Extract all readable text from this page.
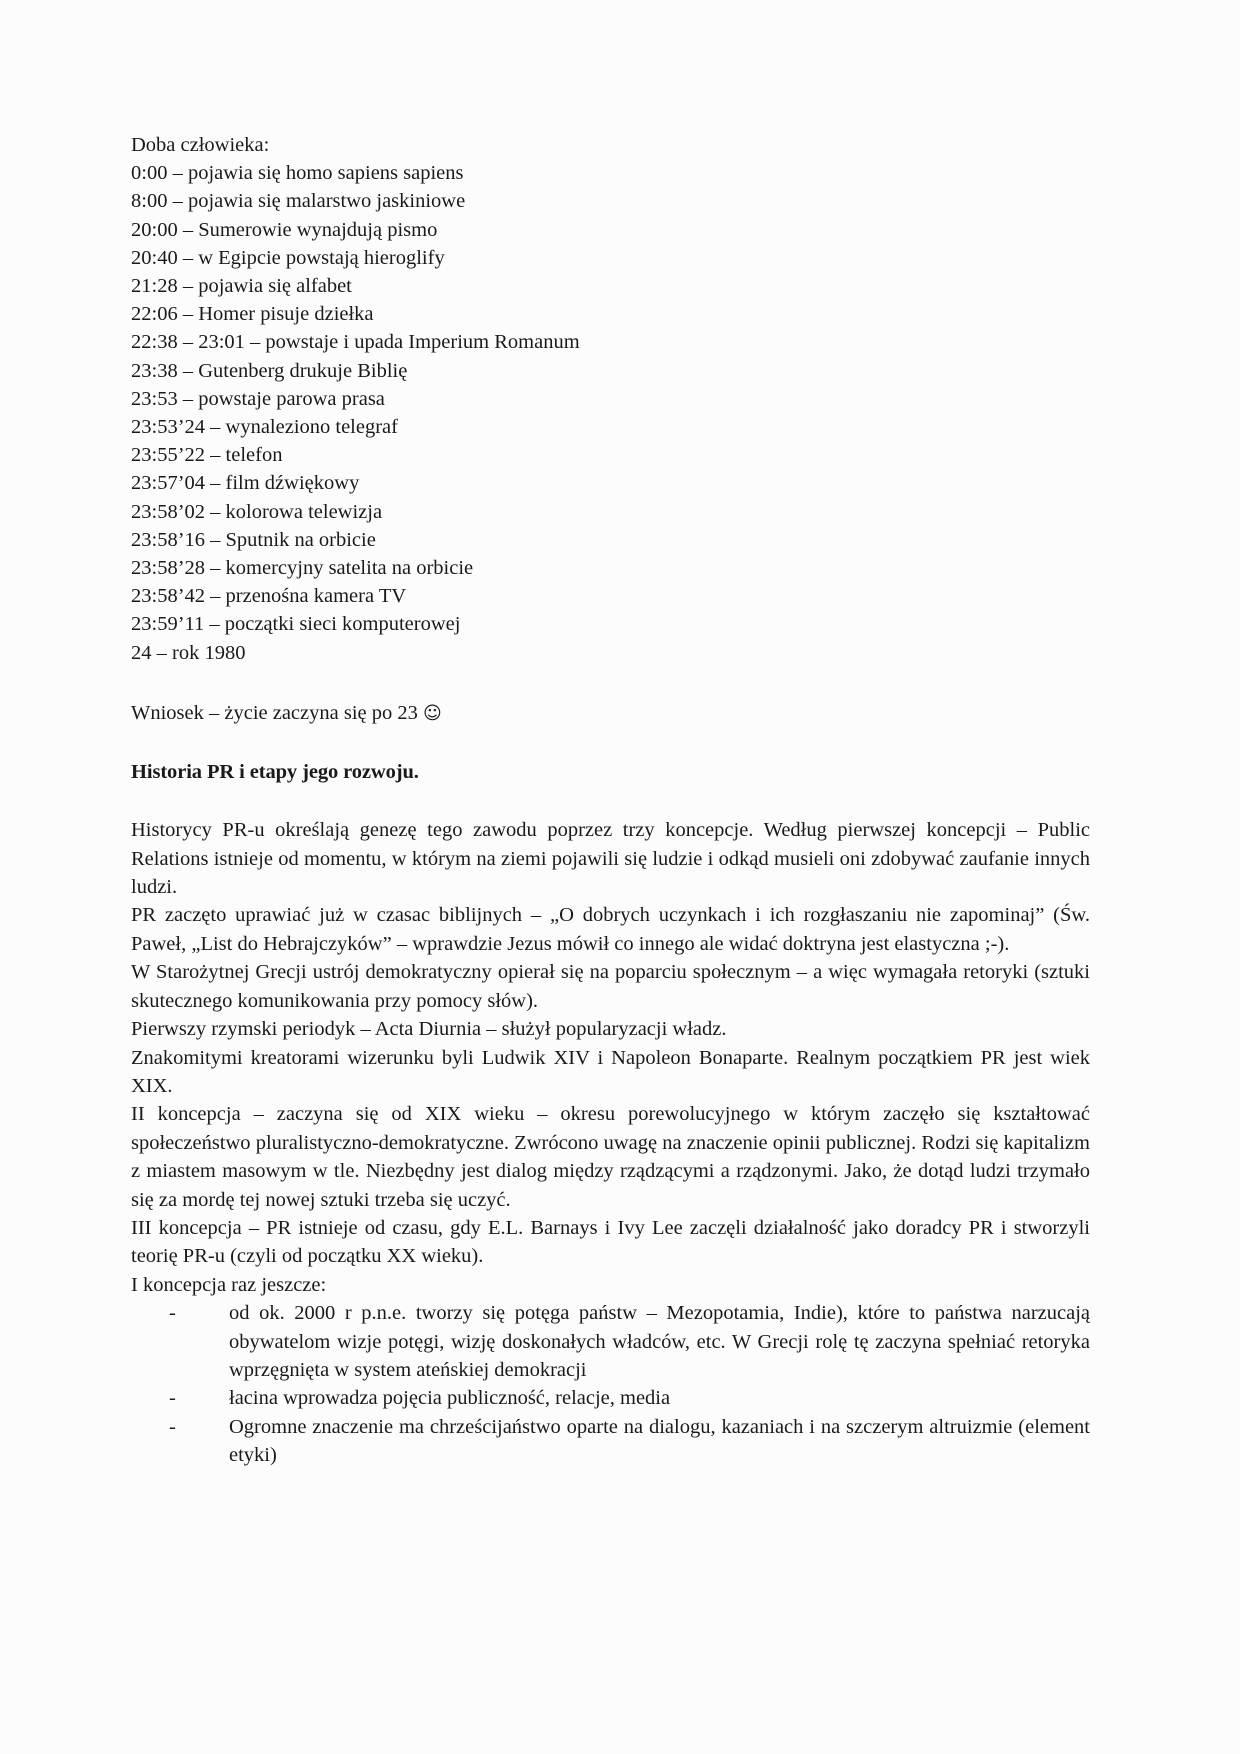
Doba człowieka:

0:00 – pojawia się homo sapiens sapiens
8:00 – pojawia się malarstwo jaskiniowe
20:00 – Sumerowie wynajdują pismo
20:40 – w Egipcie powstają hieroglify
21:28 – pojawia się alfabet
22:06 – Homer pisuje dziełka
22:38 – 23:01 – powstaje i upada Imperium Romanum
23:38 – Gutenberg drukuje Biblię
23:53 – powstaje parowa prasa
23:53’24 – wynaleziono telegraf
23:55’22 – telefon
23:57’04 – film dźwiękowy
23:58’02 – kolorowa telewizja
23:58’16 – Sputnik na orbicie
23:58’28 – komercyjny satelita na orbicie
23:58’42 – przenośna kamera TV
23:59’11 – początki sieci komputerowej
24 – rok 1980

Wniosek – życie zaczyna się po 23 ☺

Historia PR i etapy jego rozwoju.

Historycy PR-u określają genezę tego zawodu poprzez trzy koncepcje. Według pierwszej koncepcji – Public Relations istnieje od momentu, w którym na ziemi pojawili się ludzie i odkąd musieli oni zdobywać zaufanie innych ludzi.

PR zaczęto uprawiać już w czasac biblijnych – „O dobrych uczynkach i ich rozgłaszaniu nie zapominaj” (Św. Paweł, „List do Hebrajczyków” – wprawdzie Jezus mówił co innego ale widać doktryna jest elastyczna ;-).

W Starożytnej Grecji ustrój demokratyczny opierał się na poparciu społecznym – a więc wymagała retoryki (sztuki skutecznego komunikowania przy pomocy słów).

Pierwszy rzymski periodyk – Acta Diurnia – służył popularyzacji władz.

Znakomitymi kreatorami wizerunku byli Ludwik XIV i Napoleon Bonaparte. Realnym początkiem PR jest wiek XIX.

II koncepcja – zaczyna się od XIX wieku – okresu porewolucyjnego w którym zaczęło się kształtować społeczeństwo pluralistyczno-demokratyczne. Zwrócono uwagę na znaczenie opinii publicznej. Rodzi się kapitalizm z miastem masowym w tle. Niezbędny jest dialog między rządzącymi a rządzonymi. Jako, że dotąd ludzi trzymało się za mordę tej nowej sztuki trzeba się uczyć.

III koncepcja – PR istnieje od czasu, gdy E.L. Barnays i Ivy Lee zaczęli działalność jako doradcy PR i stworzyli teorię PR-u (czyli od początku XX wieku).

I koncepcja raz jeszcze:

-	od ok. 2000 r p.n.e. tworzy się potęga państw – Mezopotamia, Indie), które to państwa narzucają obywatelom wizje potęgi, wizję doskonałych władców, etc. W Grecji rolę tę zaczyna spełniać retoryka wprzęgnięta w system ateńskiej demokracji
-	łacina wprowadza pojęcia publiczność, relacje, media
-	Ogromne znaczenie ma chrześcijaństwo oparte na dialogu, kazaniach i na szczerym altruizmie (element etyki)
